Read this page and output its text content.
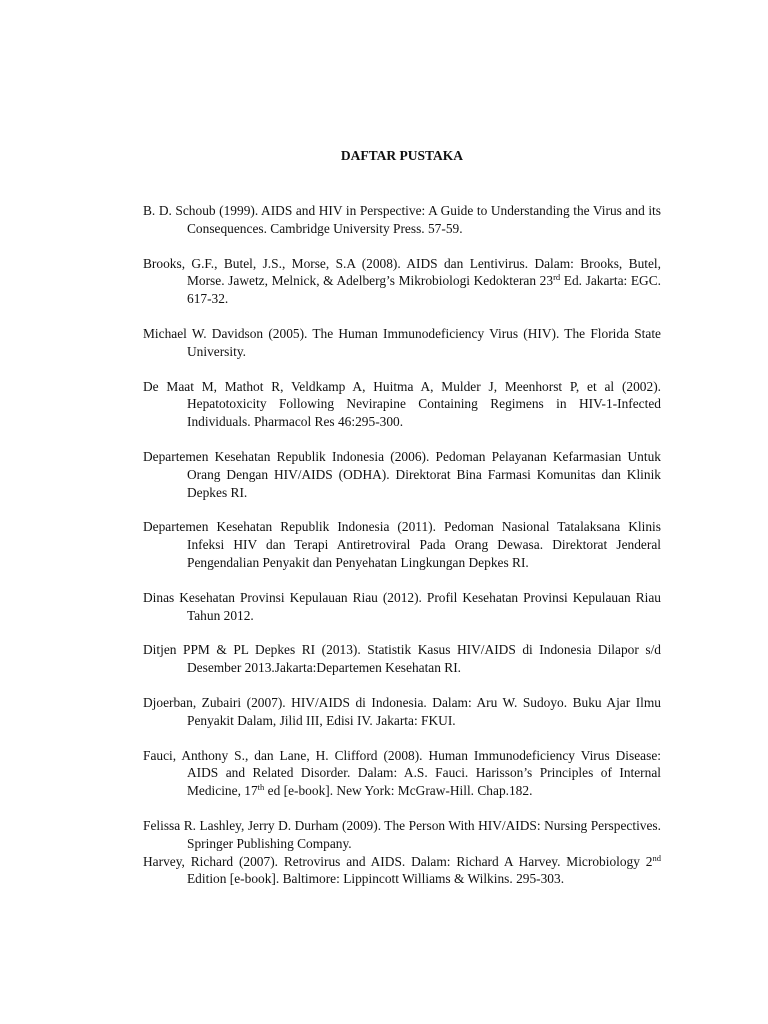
DAFTAR PUSTAKA

B. D. Schoub (1999). AIDS and HIV in Perspective: A Guide to Understanding the Virus and its Consequences. Cambridge University Press. 57-59.

Brooks, G.F., Butel, J.S., Morse, S.A (2008). AIDS dan Lentivirus. Dalam: Brooks, Butel, Morse. Jawetz, Melnick, & Adelberg’s Mikrobiologi Kedokteran 23rd Ed. Jakarta: EGC. 617-32.

Michael W. Davidson (2005). The Human Immunodeficiency Virus (HIV). The Florida State University.

De Maat M, Mathot R, Veldkamp A, Huitma A, Mulder J, Meenhorst P, et al (2002). Hepatotoxicity Following Nevirapine Containing Regimens in HIV-1-Infected Individuals. Pharmacol Res 46:295-300.

Departemen Kesehatan Republik Indonesia (2006). Pedoman Pelayanan Kefarmasian Untuk Orang Dengan HIV/AIDS (ODHA). Direktorat Bina Farmasi Komunitas dan Klinik Depkes RI.

Departemen Kesehatan Republik Indonesia (2011). Pedoman Nasional Tatalaksana Klinis Infeksi HIV dan Terapi Antiretroviral Pada Orang Dewasa. Direktorat Jenderal Pengendalian Penyakit dan Penyehatan Lingkungan Depkes RI.

Dinas Kesehatan Provinsi Kepulauan Riau (2012). Profil Kesehatan Provinsi Kepulauan Riau Tahun 2012.

Ditjen PPM & PL Depkes RI (2013). Statistik Kasus HIV/AIDS di Indonesia Dilapor s/d Desember 2013.Jakarta:Departemen Kesehatan RI.

Djoerban, Zubairi (2007). HIV/AIDS di Indonesia. Dalam: Aru W. Sudoyo. Buku Ajar Ilmu Penyakit Dalam, Jilid III, Edisi IV. Jakarta: FKUI.

Fauci, Anthony S., dan Lane, H. Clifford (2008). Human Immunodeficiency Virus Disease: AIDS and Related Disorder. Dalam: A.S. Fauci. Harisson’s Principles of Internal Medicine, 17th ed [e-book]. New York: McGraw-Hill. Chap.182.

Felissa R. Lashley, Jerry D. Durham (2009). The Person With HIV/AIDS: Nursing Perspectives. Springer Publishing Company.

Harvey, Richard (2007). Retrovirus and AIDS. Dalam: Richard A Harvey. Microbiology 2nd Edition [e-book]. Baltimore: Lippincott Williams & Wilkins. 295-303.
